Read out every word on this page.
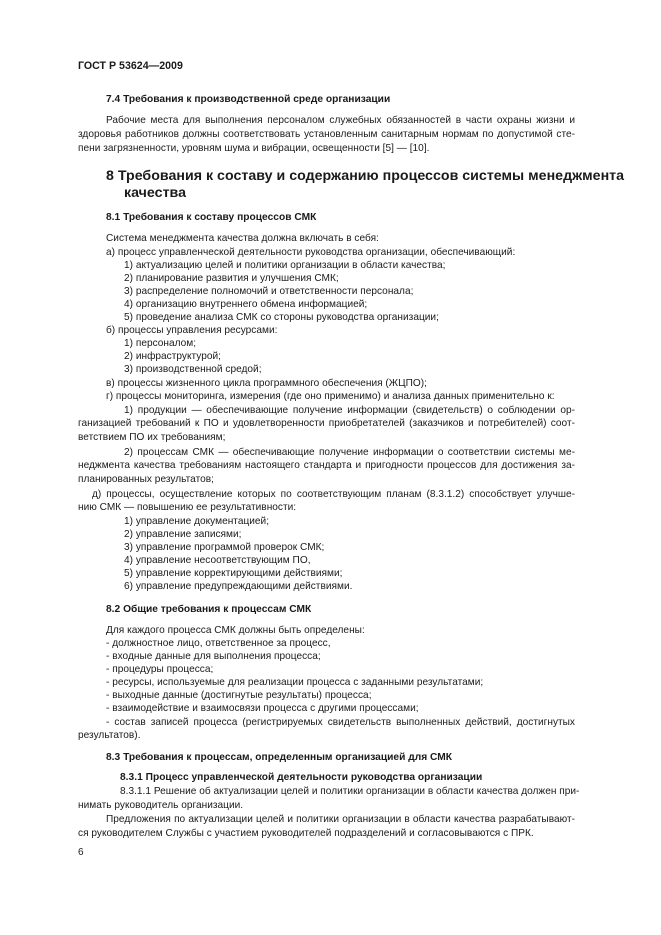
ГОСТ Р 53624—2009

7.4 Требования к производственной среде организации

Рабочие места для выполнения персоналом служебных обязанностей в части охраны жизни и

здоровья работников должны соответствовать установленным санитарным нормам по допустимой сте-

пени загрязненности, уровням шума и вибрации, освещенности [5] — [10].

8 Требования к составу и содержанию процессов системы менеджмента

качества

8.1 Требования к составу процессов СМК

Система менеджмента качества должна включать в себя:

а) процесс управленческой деятельности руководства организации, обеспечивающий:

1) актуализацию целей и политики организации в области качества;

2) планирование развития и улучшения СМК;

3) распределение полномочий и ответственности персонала;

4) организацию внутреннего обмена информацией;

5) проведение анализа СМК со стороны руководства организации;

б) процессы управления ресурсами:

1) персоналом;

2) инфраструктурой;

3) производственной средой;

в) процессы жизненного цикла программного обеспечения (ЖЦПО);

г) процессы мониторинга, измерения (где оно применимо) и анализа данных применительно к:

1) продукции — обеспечивающие получение информации (свидетельств) о соблюдении ор-

ганизацией требований к ПО и удовлетворенности приобретателей (заказчиков и потребителей) соот-

ветствием ПО их требованиям;

2) процессам СМК — обеспечивающие получение информации о соответствии системы ме-

неджмента качества требованиям настоящего стандарта и пригодности процессов для достижения за-

планированных результатов;

д) процессы, осуществление которых по соответствующим планам (8.3.1.2) способствует улучше-

нию СМК — повышению ее результативности:

1) управление документацией;

2) управление записями;

3) управление программой проверок СМК;

4) управление несоответствующим ПО,

5) управление корректирующими действиями;

6) управление предупреждающими действиями.

8.2 Общие требования к процессам СМК

Для каждого процесса СМК должны быть определены:

- должностное лицо, ответственное за процесс,

- входные данные для выполнения процесса;

- процедуры процесса;

- ресурсы, используемые для реализации процесса с заданными результатами;

- выходные данные (достигнутые результаты) процесса;

- взаимодействие и взаимосвязи процесса с другими процессами;

- состав записей процесса (регистрируемых свидетельств выполненных действий, достигнутых

результатов).

8.3 Требования к процессам, определенным организацией для СМК

8.3.1 Процесс управленческой деятельности руководства организации

8.3.1.1 Решение об актуализации целей и политики организации в области качества должен при-

нимать руководитель организации.

Предложения по актуализации целей и политики организации в области качества разрабатывают-

ся руководителем Службы с участием руководителей подразделений и согласовываются с ПРК.

6
